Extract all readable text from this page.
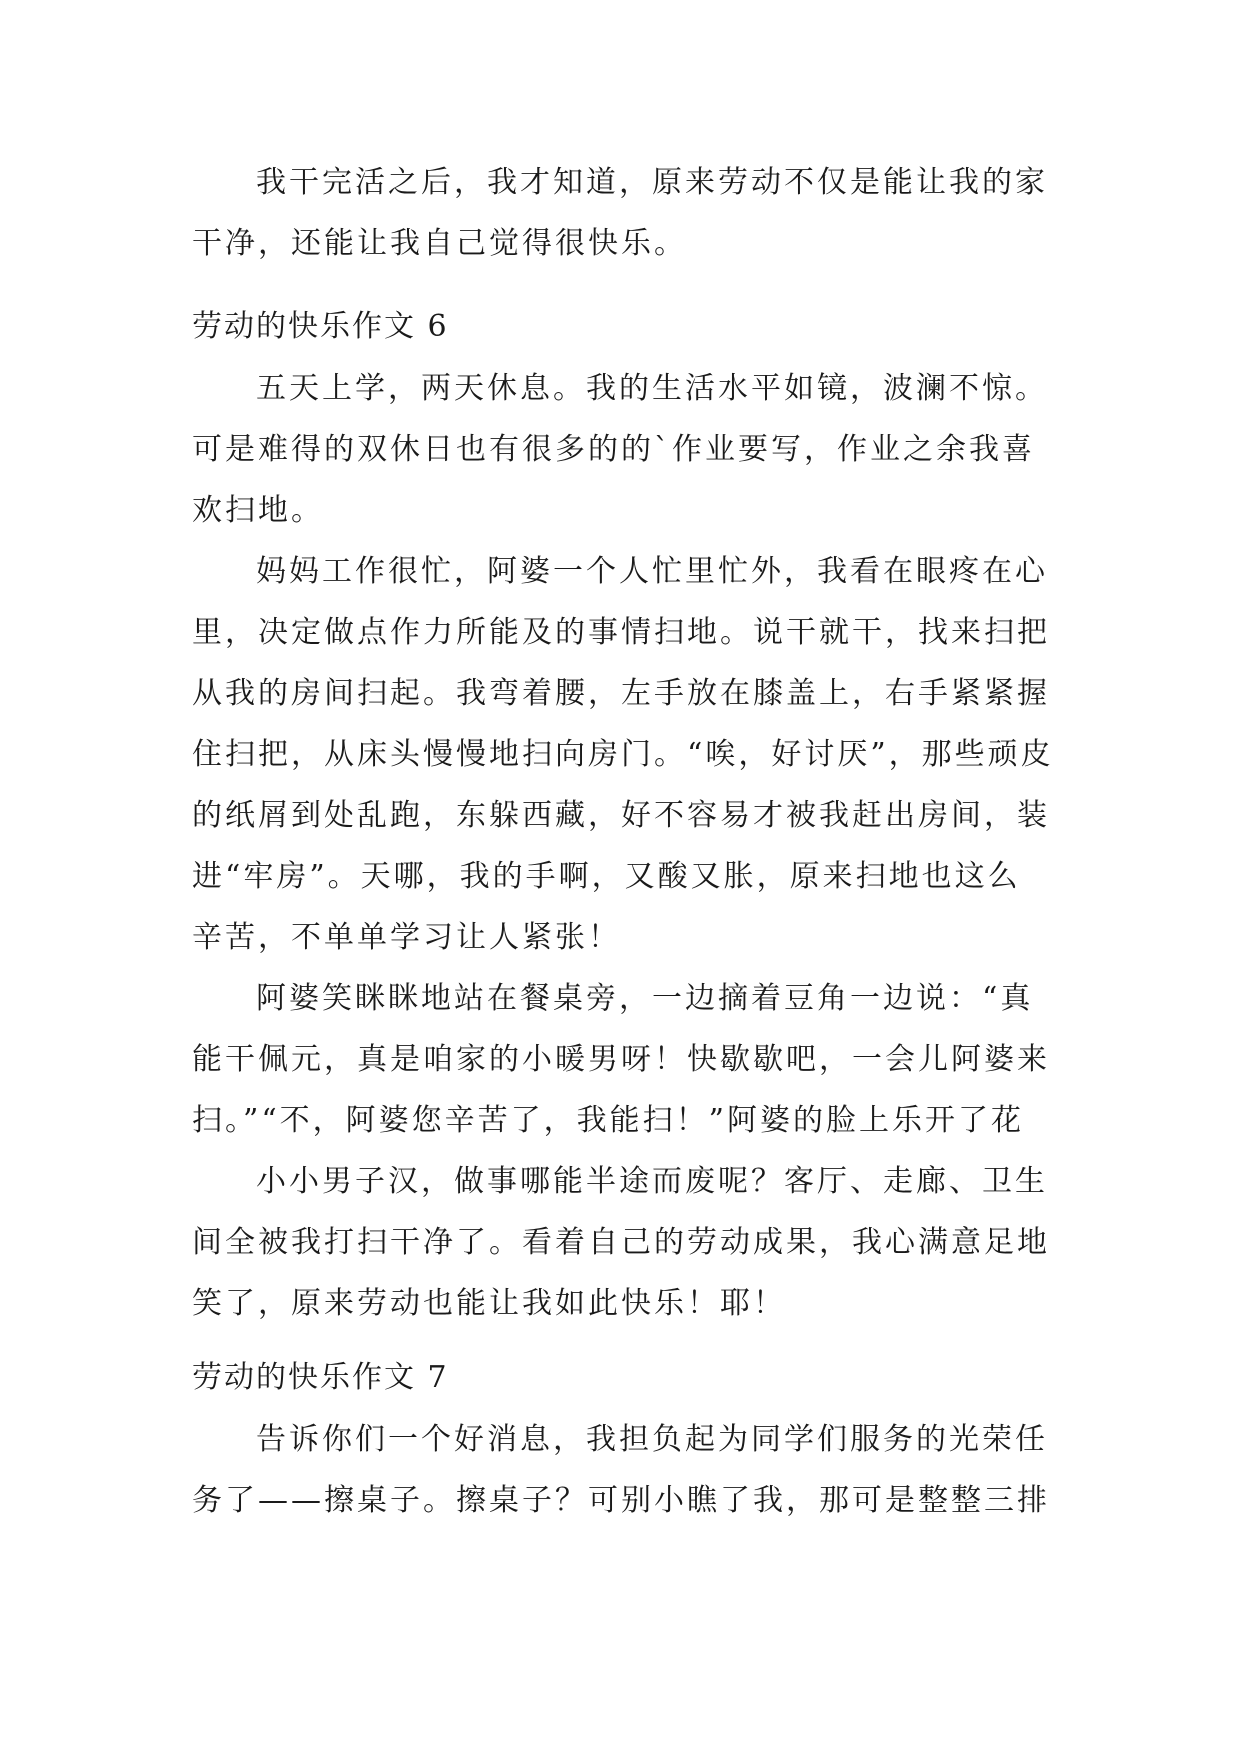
我干完活之后，我才知道，原来劳动不仅是能让我的家
干净，还能让我自己觉得很快乐。
劳动的快乐作文 6
五天上学，两天休息。我的生活水平如镜，波澜不惊。
可是难得的双休日也有很多的的`作业要写，作业之余我喜
欢扫地。
妈妈工作很忙，阿婆一个人忙里忙外，我看在眼疼在心
里，决定做点作力所能及的事情扫地。说干就干，找来扫把
从我的房间扫起。我弯着腰，左手放在膝盖上，右手紧紧握
住扫把，从床头慢慢地扫向房门。“唉，好讨厌”，那些顽皮
的纸屑到处乱跑，东躲西藏，好不容易才被我赶出房间，装
进“牢房”。天哪，我的手啊，又酸又胀，原来扫地也这么
辛苦，不单单学习让人紧张！
阿婆笑眯眯地站在餐桌旁，一边摘着豆角一边说：“真
能干佩元，真是咱家的小暖男呀！快歇歇吧，一会儿阿婆来
扫。”“不，阿婆您辛苦了，我能扫！”阿婆的脸上乐开了花
小小男子汉，做事哪能半途而废呢？客厅、走廊、卫生
间全被我打扫干净了。看着自己的劳动成果，我心满意足地
笑了，原来劳动也能让我如此快乐！耶！
劳动的快乐作文 7
告诉你们一个好消息，我担负起为同学们服务的光荣任
务了——擦桌子。擦桌子？可别小瞧了我，那可是整整三排
